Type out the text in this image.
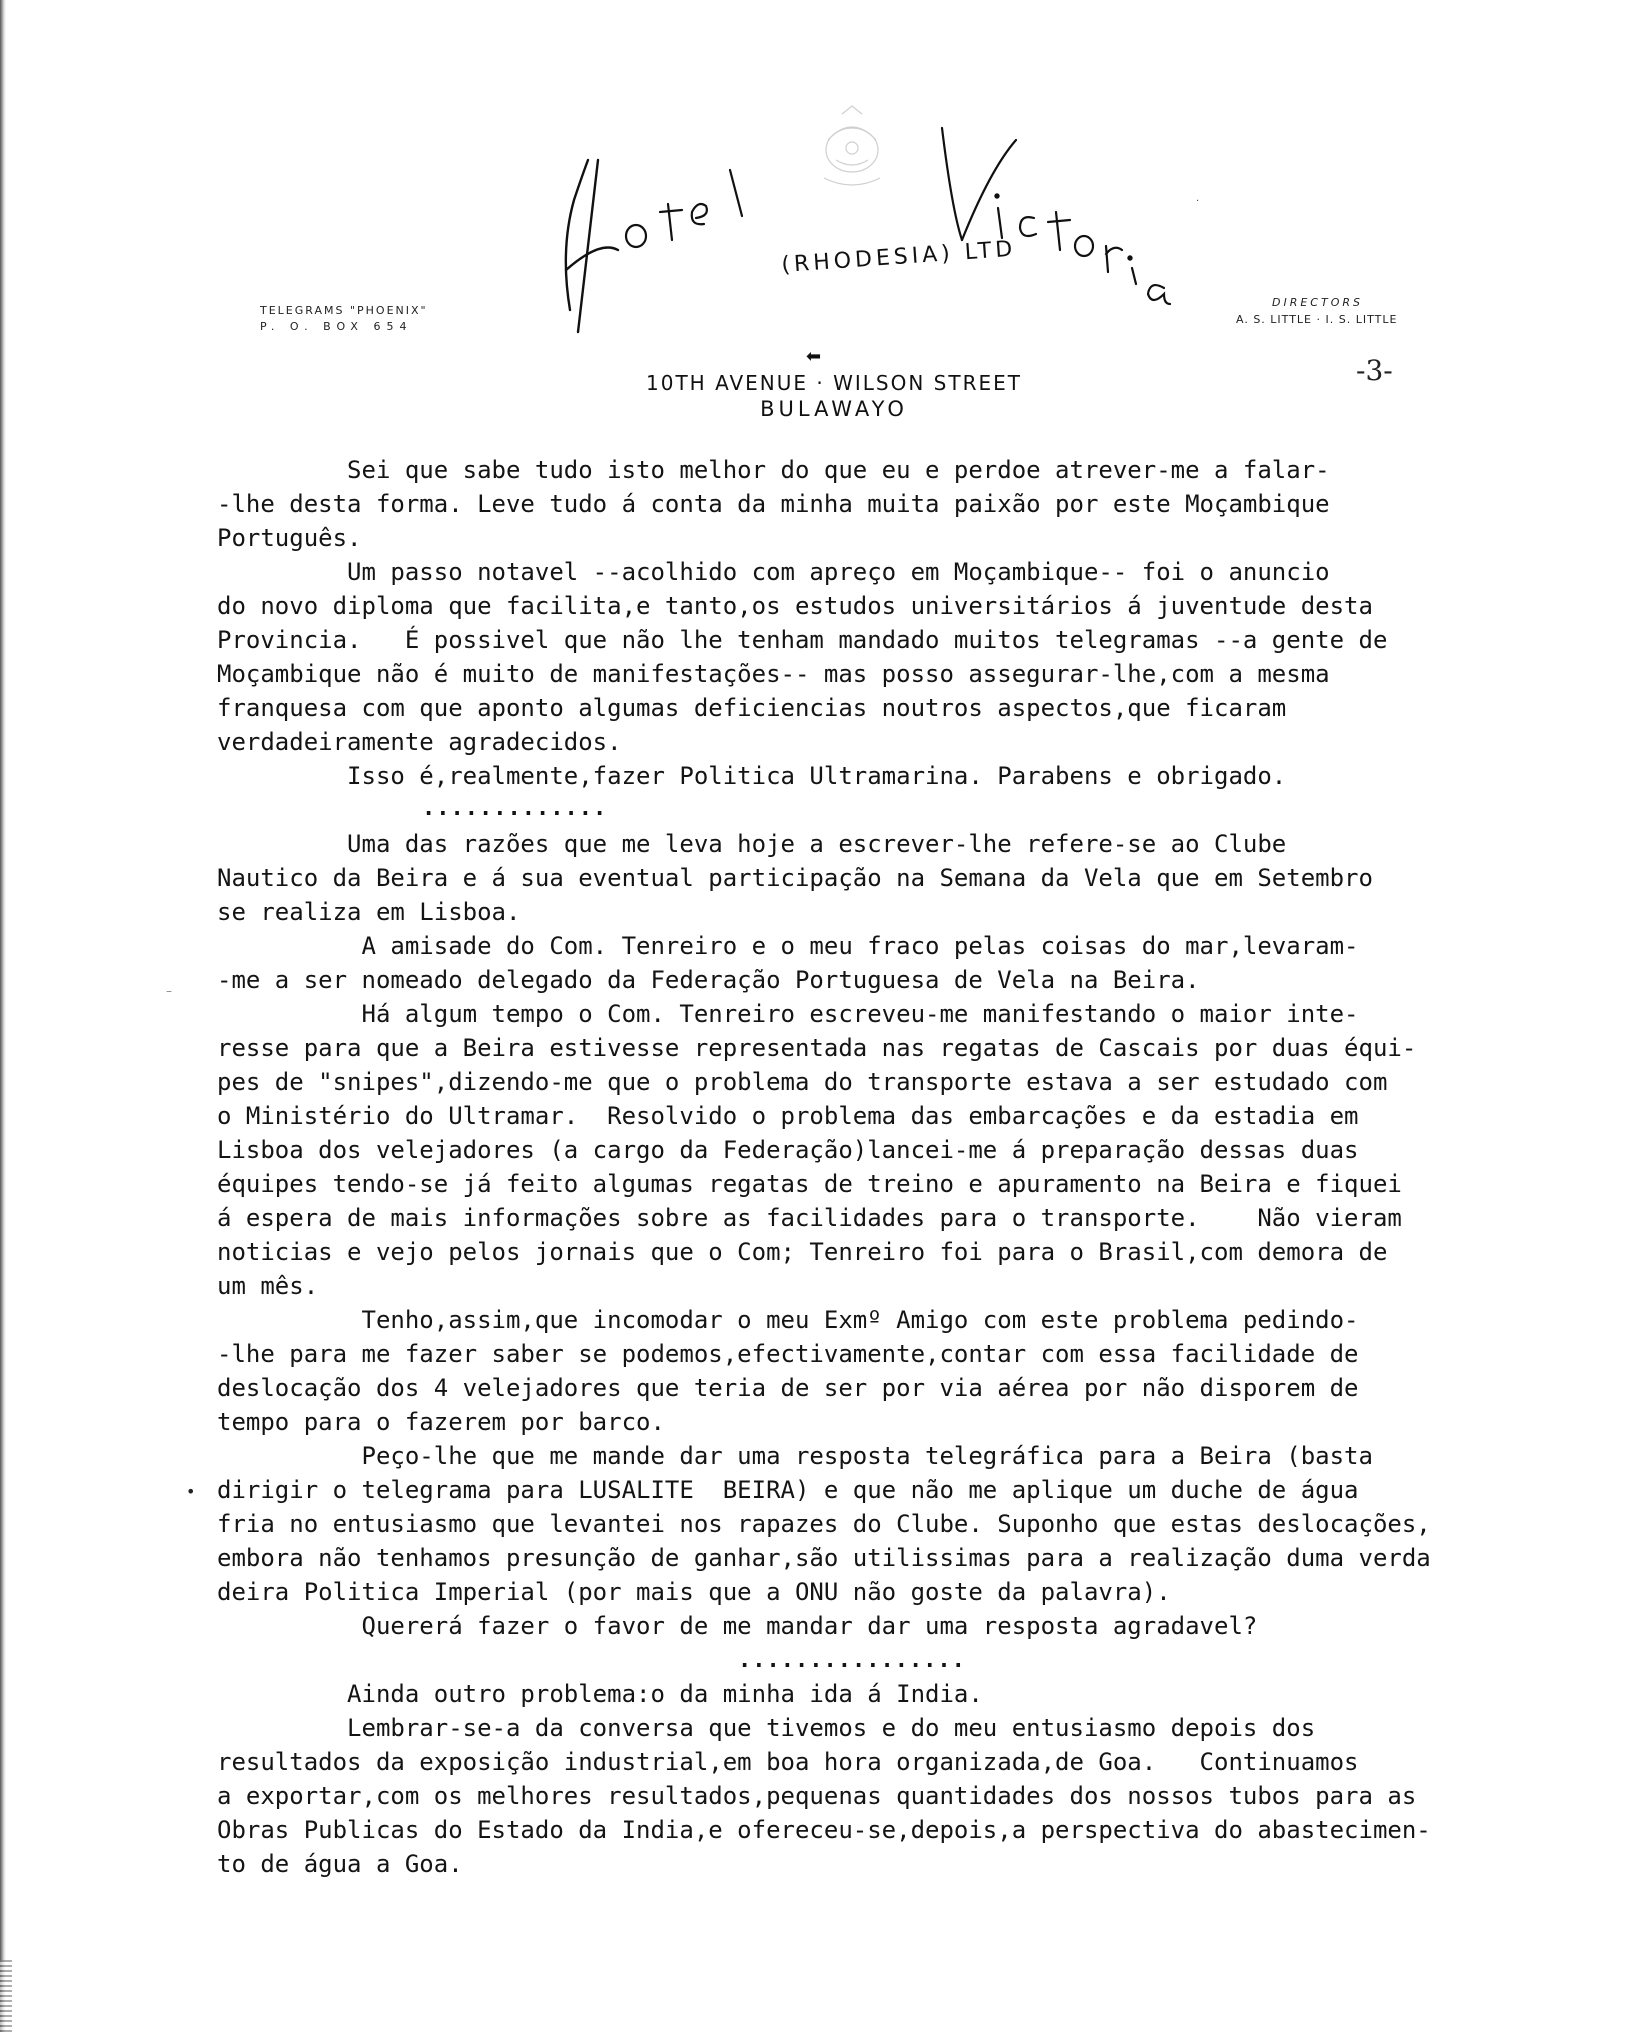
TELEGRAMS "PHOENIX"
P. O. BOX 654
DIRECTORS
A. S. LITTLE · I. S. LITTLE
(RHODESIA) LTD
·
⬅
10TH AVENUE · WILSON STREET
BULAWAYO
-3-
Sei que sabe tudo isto melhor do que eu e perdoe atrever-me a falar-
-lhe desta forma. Leve tudo á conta da minha muita paixão por este Moçambique
Português.
Um passo notavel --acolhido com apreço em Moçambique-- foi o anuncio
do novo diploma que facilita,e tanto,os estudos universitários á juventude desta
Provincia.   É possivel que não lhe tenham mandado muitos telegramas --a gente de
Moçambique não é muito de manifestações-- mas posso assegurar-lhe,com a mesma
franquesa com que aponto algumas deficiencias noutros aspectos,que ficaram
verdadeiramente agradecidos.
Isso é,realmente,fazer Politica Ultramarina. Parabens e obrigado.
.............
Uma das razões que me leva hoje a escrever-lhe refere-se ao Clube
Nautico da Beira e á sua eventual participação na Semana da Vela que em Setembro
se realiza em Lisboa.
A amisade do Com. Tenreiro e o meu fraco pelas coisas do mar,levaram-
-me a ser nomeado delegado da Federação Portuguesa de Vela na Beira.
Há algum tempo o Com. Tenreiro escreveu-me manifestando o maior inte-
resse para que a Beira estivesse representada nas regatas de Cascais por duas équi-
pes de "snipes",dizendo-me que o problema do transporte estava a ser estudado com
o Ministério do Ultramar.  Resolvido o problema das embarcações e da estadia em
Lisboa dos velejadores (a cargo da Federação)lancei-me á preparação dessas duas
équipes tendo-se já feito algumas regatas de treino e apuramento na Beira e fiquei
á espera de mais informações sobre as facilidades para o transporte.    Não vieram
noticias e vejo pelos jornais que o Com; Tenreiro foi para o Brasil,com demora de
um mês.
Tenho,assim,que incomodar o meu Exmº Amigo com este problema pedindo-
-lhe para me fazer saber se podemos,efectivamente,contar com essa facilidade de
deslocação dos 4 velejadores que teria de ser por via aérea por não disporem de
tempo para o fazerem por barco.
Peço-lhe que me mande dar uma resposta telegráfica para a Beira (basta
dirigir o telegrama para LUSALITE  BEIRA) e que não me aplique um duche de água
fria no entusiasmo que levantei nos rapazes do Clube. Suponho que estas deslocações,
embora não tenhamos presunção de ganhar,são utilissimas para a realização duma verda
deira Politica Imperial (por mais que a ONU não goste da palavra).
Quererá fazer o favor de me mandar dar uma resposta agradavel?
................
Ainda outro problema:o da minha ida á India.
Lembrar-se-a da conversa que tivemos e do meu entusiasmo depois dos
resultados da exposição industrial,em boa hora organizada,de Goa.   Continuamos
a exportar,com os melhores resultados,pequenas quantidades dos nossos tubos para as
Obras Publicas do Estado da India,e ofereceu-se,depois,a perspectiva do abastecimen-
to de água a Goa.
•
–
